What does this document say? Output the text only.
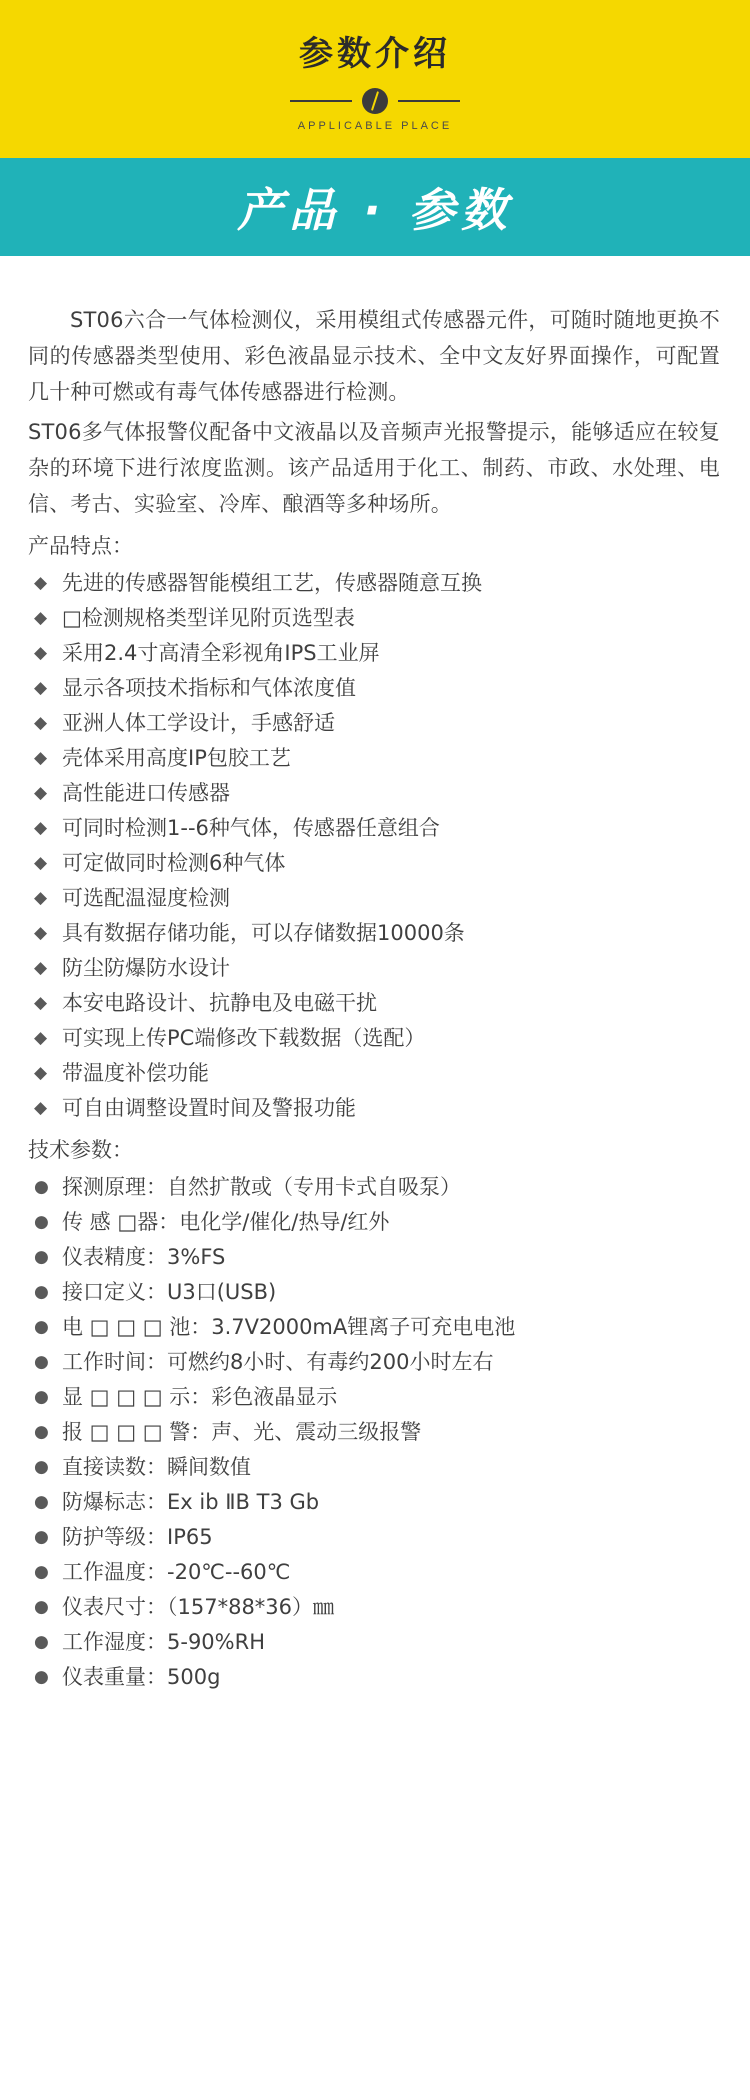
参数介绍
APPLICABLE PLACE
产品 · 参数

ST06六合一气体检测仪，采用模组式传感器元件，可随时随地更换不同的传感器类型使用、彩色液晶显示技术、全中文友好界面操作，可配置几十种可燃或有毒气体传感器进行检测。

ST06多气体报警仪配备中文液晶以及音频声光报警提示，能够适应在较复杂的环境下进行浓度监测。该产品适用于化工、制药、市政、水处理、电信、考古、实验室、冷库、酿酒等多种场所。

产品特点：
◆ 先进的传感器智能模组工艺，传感器随意互换
◆ □检测规格类型详见附页选型表
◆ 采用2.4寸高清全彩视角IPS工业屏
◆ 显示各项技术指标和气体浓度值
◆ 亚洲人体工学设计，手感舒适
◆ 壳体采用高度IP包胶工艺
◆ 高性能进口传感器
◆ 可同时检测1--6种气体，传感器任意组合
◆ 可定做同时检测6种气体
◆ 可选配温湿度检测
◆ 具有数据存储功能，可以存储数据10000条
◆ 防尘防爆防水设计
◆ 本安电路设计、抗静电及电磁干扰
◆ 可实现上传PC端修改下载数据（选配）
◆ 带温度补偿功能
◆ 可自由调整设置时间及警报功能
技术参数：
● 探测原理：自然扩散或（专用卡式自吸泵）
● 传 感 □器：电化学/催化/热导/红外
● 仪表精度：3%FS
● 接口定义：U3口(USB)
● 电 □ □ □ 池：3.7V2000mA锂离子可充电电池
● 工作时间：可燃约8小时、有毒约200小时左右
● 显 □ □ □ 示：彩色液晶显示
● 报 □ □ □ 警：声、光、震动三级报警
● 直接读数：瞬间数值
● 防爆标志：Ex ib ⅡB T3 Gb
● 防护等级：IP65
● 工作温度：-20℃--60℃
● 仪表尺寸：（157*88*36）㎜
● 工作湿度：5-90%RH
● 仪表重量：500g
